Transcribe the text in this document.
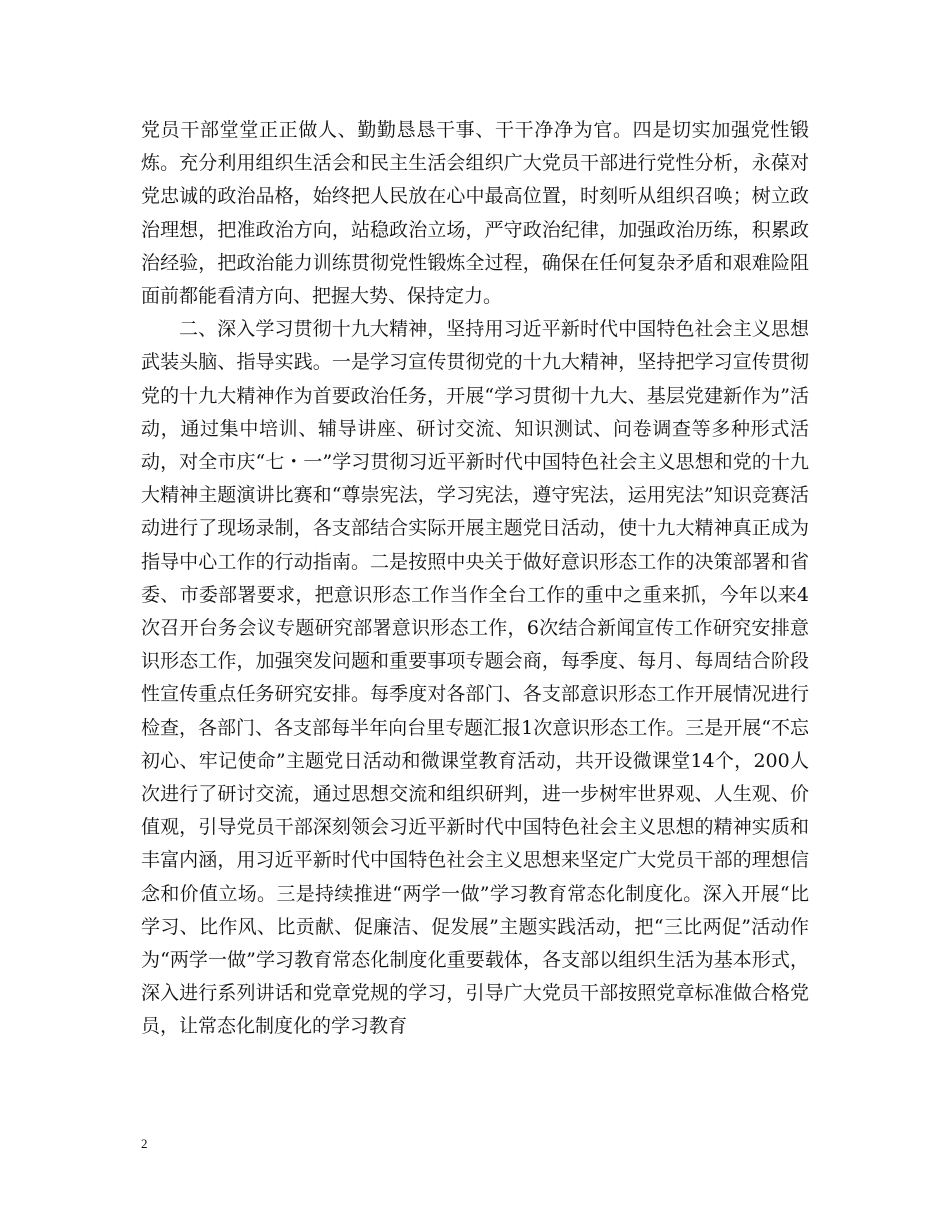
党员干部堂堂正正做人、勤勤恳恳干事、干干净净为官。四是切实加强党性锻炼。充分利用组织生活会和民主生活会组织广大党员干部进行党性分析，永葆对党忠诚的政治品格，始终把人民放在心中最高位置，时刻听从组织召唤；树立政治理想，把准政治方向，站稳政治立场，严守政治纪律，加强政治历练，积累政治经验，把政治能力训练贯彻党性锻炼全过程，确保在任何复杂矛盾和艰难险阻面前都能看清方向、把握大势、保持定力。

二、深入学习贯彻十九大精神，坚持用习近平新时代中国特色社会主义思想武装头脑、指导实践。一是学习宣传贯彻党的十九大精神，坚持把学习宣传贯彻党的十九大精神作为首要政治任务，开展“学习贯彻十九大、基层党建新作为”活动，通过集中培训、辅导讲座、研讨交流、知识测试、问卷调查等多种形式活动，对全市庆“七・一”学习贯彻习近平新时代中国特色社会主义思想和党的十九大精神主题演讲比赛和“尊崇宪法，学习宪法，遵守宪法，运用宪法”知识竞赛活动进行了现场录制，各支部结合实际开展主题党日活动，使十九大精神真正成为指导中心工作的行动指南。二是按照中央关于做好意识形态工作的决策部署和省委、市委部署要求，把意识形态工作当作全台工作的重中之重来抓，今年以来4次召开台务会议专题研究部署意识形态工作，6次结合新闻宣传工作研究安排意识形态工作，加强突发问题和重要事项专题会商，每季度、每月、每周结合阶段性宣传重点任务研究安排。每季度对各部门、各支部意识形态工作开展情况进行检查，各部门、各支部每半年向台里专题汇报1次意识形态工作。三是开展“不忘初心、牢记使命”主题党日活动和微课堂教育活动，共开设微课堂14个，200人次进行了研讨交流，通过思想交流和组织研判，进一步树牢世界观、人生观、价值观，引导党员干部深刻领会习近平新时代中国特色社会主义思想的精神实质和丰富内涵，用习近平新时代中国特色社会主义思想来坚定广大党员干部的理想信念和价值立场。三是持续推进“两学一做”学习教育常态化制度化。深入开展“比学习、比作风、比贡献、促廉洁、促发展”主题实践活动，把“三比两促”活动作为“两学一做”学习教育常态化制度化重要载体，各支部以组织生活为基本形式，深入进行系列讲话和党章党规的学习，引导广大党员干部按照党章标准做合格党员，让常态化制度化的学习教育

2
